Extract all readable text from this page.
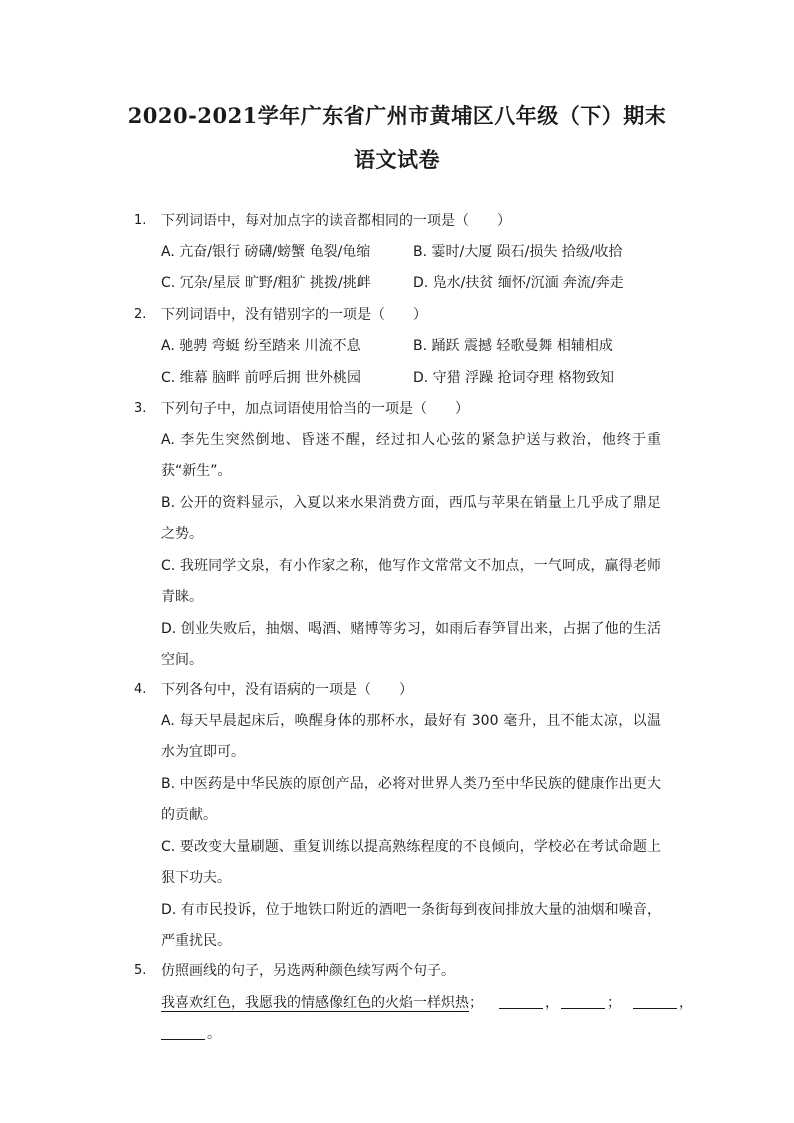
2020-2021学年广东省广州市黄埔区八年级（下）期末
语文试卷
1.	下列词语中，每对加点字的读音都相同的一项是（　　）
A. 亢奋/银行 磅礴/螃蟹 龟裂/龟缩	B. 霎时/大厦 陨石/损失 拾级/收拾
C. 冗杂/星辰 旷野/粗犷 挑拨/挑衅	D. 凫水/扶贫 缅怀/沉湎 奔流/奔走
2.	下列词语中，没有错别字的一项是（　　）
A. 驰骋 弯蜓 纷至踏来 川流不息	B. 踊跃 震撼 轻歌曼舞 相辅相成
C. 维幕 脑畔 前呼后拥 世外桃园	D. 守猎 浮躁 抢词夺理 格物致知
3.	下列句子中，加点词语使用恰当的一项是（　　）
A. 李先生突然倒地、昏迷不醒，经过扣人心弦的紧急护送与救治，他终于重获“新生”。
B. 公开的资料显示，入夏以来水果消费方面，西瓜与苹果在销量上几乎成了鼎足之势。
C. 我班同学文泉，有小作家之称，他写作文常常文不加点，一气呵成，赢得老师青睐。
D. 创业失败后，抽烟、喝酒、赌博等劣习，如雨后春笋冒出来，占据了他的生活空间。
4.	下列各句中，没有语病的一项是（　　）
A. 每天早晨起床后，唤醒身体的那杯水，最好有 300 毫升，且不能太凉，以温水为宜即可。
B. 中医药是中华民族的原创产品，必将对世界人类乃至中华民族的健康作出更大的贡献。
C. 要改变大量刷题、重复训练以提高熟练程度的不良倾向，学校必在考试命题上狠下功夫。
D. 有市民投诉，位于地铁口附近的酒吧一条街每到夜间排放大量的油烟和噪音，严重扰民。
5.	仿照画线的句子，另选两种颜色续写两个句子。
我喜欢红色，我愿我的情感像红色的火焰一样炽热；	，	；	，
。
